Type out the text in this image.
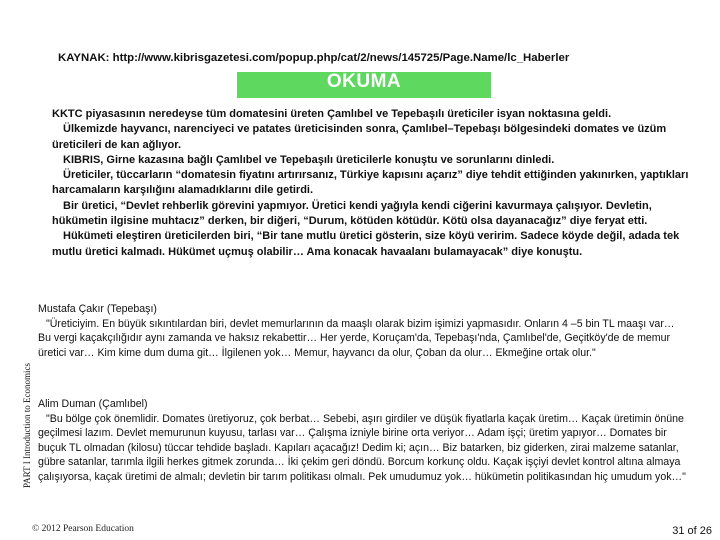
KAYNAK: http://www.kibrisgazetesi.com/popup.php/cat/2/news/145725/Page.Name/lc_Haberler
OKUMA

KKTC piyasasının neredeyse tüm domatesini üreten Çamlıbel ve Tepebaşılı üreticiler isyan noktasına geldi.

Ülkemizde hayvancı, narenciyeci ve patates üreticisinden sonra, Çamlıbel–Tepebaşı bölgesindeki domates ve üzüm üreticileri de kan ağlıyor.

KIBRIS, Girne kazasına bağlı Çamlıbel ve Tepebaşılı üreticilerle konuştu ve sorunlarını dinledi.

Üreticiler, tüccarların “domatesin fiyatını artırırsanız, Türkiye kapısını açarız” diye tehdit ettiğinden yakınırken, yaptıkları harcamaların karşılığını alamadıklarını dile getirdi.

Bir üretici, “Devlet rehberlik görevini yapmıyor. Üretici kendi yağıyla kendi ciğerini kavurmaya çalışıyor. Devletin, hükümetin ilgisine muhtacız” derken, bir diğeri, “Durum, kötüden kötüdür. Kötü olsa dayanacağız” diye feryat etti.

Hükümeti eleştiren üreticilerden biri, “Bir tane mutlu üretici gösterin, size köyü veririm. Sadece köyde değil, adada tek mutlu üretici kalmadı. Hükümet uçmuş olabilir… Ama konacak havaalanı bulamayacak” diye konuştu.

Mustafa Çakır (Tepebaşı)

"Üreticiyim. En büyük sıkıntılardan biri, devlet memurlarının da maaşlı olarak bizim işimizi yapmasıdır. Onların 4 –5 bin TL maaşı var… Bu vergi kaçakçılığıdır aynı zamanda ve haksız rekabettir… Her yerde, Koruçam'da, Tepebaşı'nda, Çamlıbel'de, Geçitköy'de de memur üretici var… Kim kime dum duma git… İlgilenen yok… Memur, hayvancı da olur, Çoban da olur… Ekmeğine ortak olur."

Alim Duman (Çamlıbel)

"Bu bölge çok önemlidir. Domates üretiyoruz, çok berbat… Sebebi, aşırı girdiler ve düşük fiyatlarla kaçak üretim… Kaçak üretimin önüne geçilmesi lazım. Devlet memurunun kuyusu, tarlası var… Çalışma izniyle birine orta veriyor… Adam işçi; üretim yapıyor… Domates bir buçuk TL olmadan (kilosu) tüccar tehdide başladı. Kapıları açacağız! Dedim ki; açın… Biz batarken, biz giderken, zirai malzeme satanlar, gübre satanlar, tarımla ilgili herkes gitmek zorunda… İki çekim geri döndü. Borcum korkunç oldu. Kaçak işçiyi devlet kontrol altına almaya çalışıyorsa, kaçak üretimi de almalı; devletin bir tarım politikası olmalı. Pek umudumuz yok… hükümetin politikasından hiç umudum yok…"

PART I Introduction to Economics
© 2012 Pearson Education	31 of 26
